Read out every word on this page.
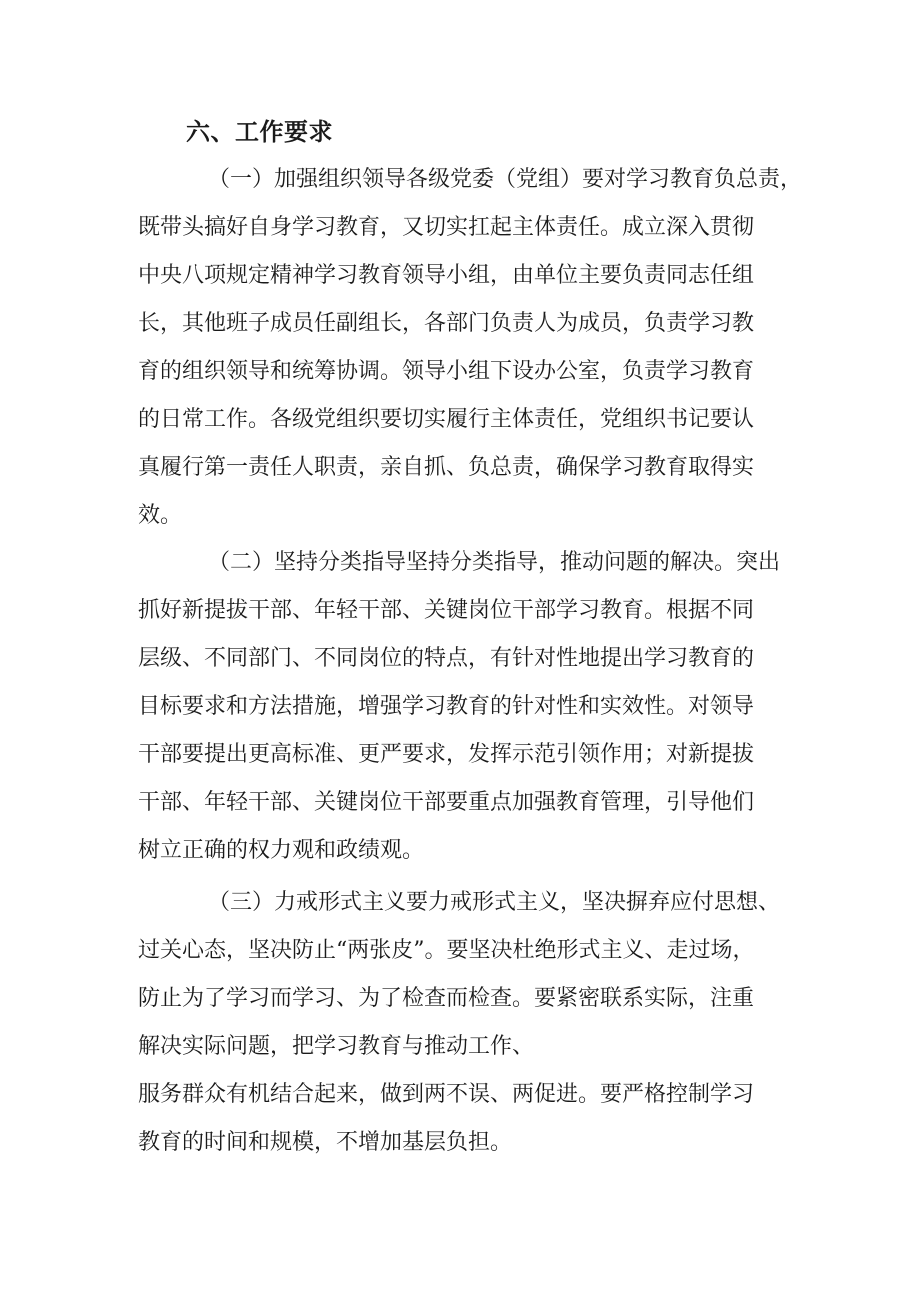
六、工作要求
（一）加强组织领导各级党委（党组）要对学习教育负总责，
既带头搞好自身学习教育，又切实扛起主体责任。成立深入贯彻
中央八项规定精神学习教育领导小组，由单位主要负责同志任组
长，其他班子成员任副组长，各部门负责人为成员，负责学习教
育的组织领导和统筹协调。领导小组下设办公室，负责学习教育
的日常工作。各级党组织要切实履行主体责任，党组织书记要认
真履行第一责任人职责，亲自抓、负总责，确保学习教育取得实
效。
（二）坚持分类指导坚持分类指导，推动问题的解决。突出
抓好新提拔干部、年轻干部、关键岗位干部学习教育。根据不同
层级、不同部门、不同岗位的特点，有针对性地提出学习教育的
目标要求和方法措施，增强学习教育的针对性和实效性。对领导
干部要提出更高标准、更严要求，发挥示范引领作用；对新提拔
干部、年轻干部、关键岗位干部要重点加强教育管理，引导他们
树立正确的权力观和政绩观。
（三）力戒形式主义要力戒形式主义，坚决摒弃应付思想、
过关心态，坚决防止“两张皮”。要坚决杜绝形式主义、走过场，
防止为了学习而学习、为了检查而检查。要紧密联系实际，注重
解决实际问题，把学习教育与推动工作、
服务群众有机结合起来，做到两不误、两促进。要严格控制学习
教育的时间和规模，不增加基层负担。
